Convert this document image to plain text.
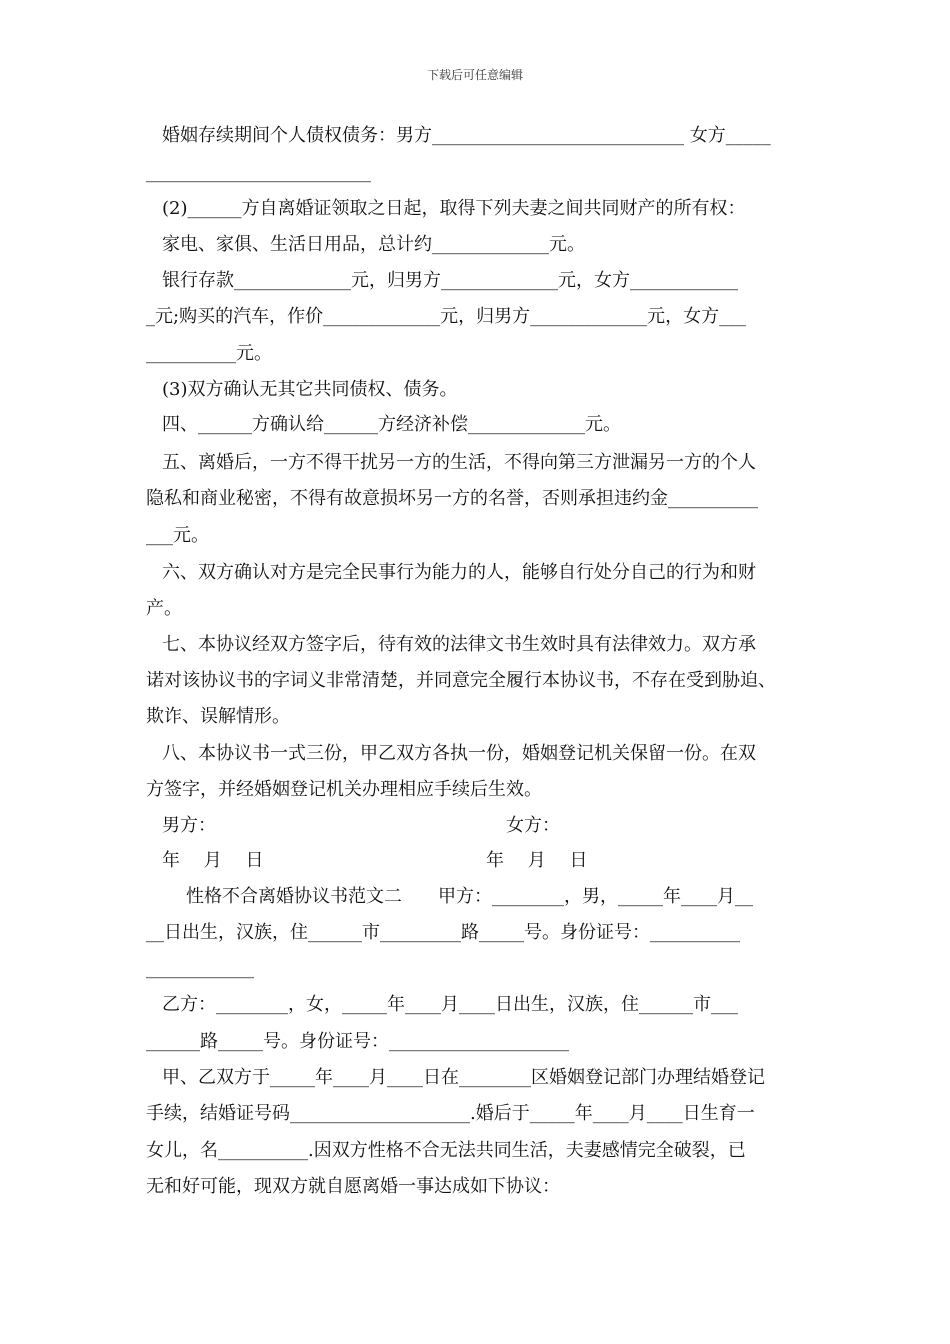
下载后可任意编辑
婚姻存续期间个人债权债务：男方____________________________ 女方_____
_________________________
(2)______方自离婚证领取之日起，取得下列夫妻之间共同财产的所有权：
家电、家俱、生活日用品，总计约_____________元。
银行存款_____________元，归男方_____________元，女方____________
_元;购买的汽车，作价_____________元，归男方_____________元，女方___
__________元。
(3)双方确认无其它共同债权、债务。
四、______方确认给______方经济补偿_____________元。
五、离婚后，一方不得干扰另一方的生活，不得向第三方泄漏另一方的个人
隐私和商业秘密，不得有故意损坏另一方的名誉，否则承担违约金__________
___元。
六、双方确认对方是完全民事行为能力的人，能够自行处分自己的行为和财
产。
七、本协议经双方签字后，待有效的法律文书生效时具有法律效力。双方承
诺对该协议书的字词义非常清楚，并同意完全履行本协议书，不存在受到胁迫、
欺诈、误解情形。
八、本协议书一式三份，甲乙双方各执一份，婚姻登记机关保留一份。在双
方签字，并经婚姻登记机关办理相应手续后生效。
男方：	女方：
年　 月　 日	年　 月　 日
性格不合离婚协议书范文二　　甲方：________，男，_____年____月__
__日出生，汉族，住______市_________路_____号。身份证号：__________
____________
乙方：________，女，_____年____月____日出生，汉族，住______市___
______路_____号。身份证号：____________________
甲、乙双方于_____年____月____日在________区婚姻登记部门办理结婚登记
手续，结婚证号码____________________.婚后于_____年____月____日生育一
女儿，名__________.因双方性格不合无法共同生活，夫妻感情完全破裂，已
无和好可能，现双方就自愿离婚一事达成如下协议：
